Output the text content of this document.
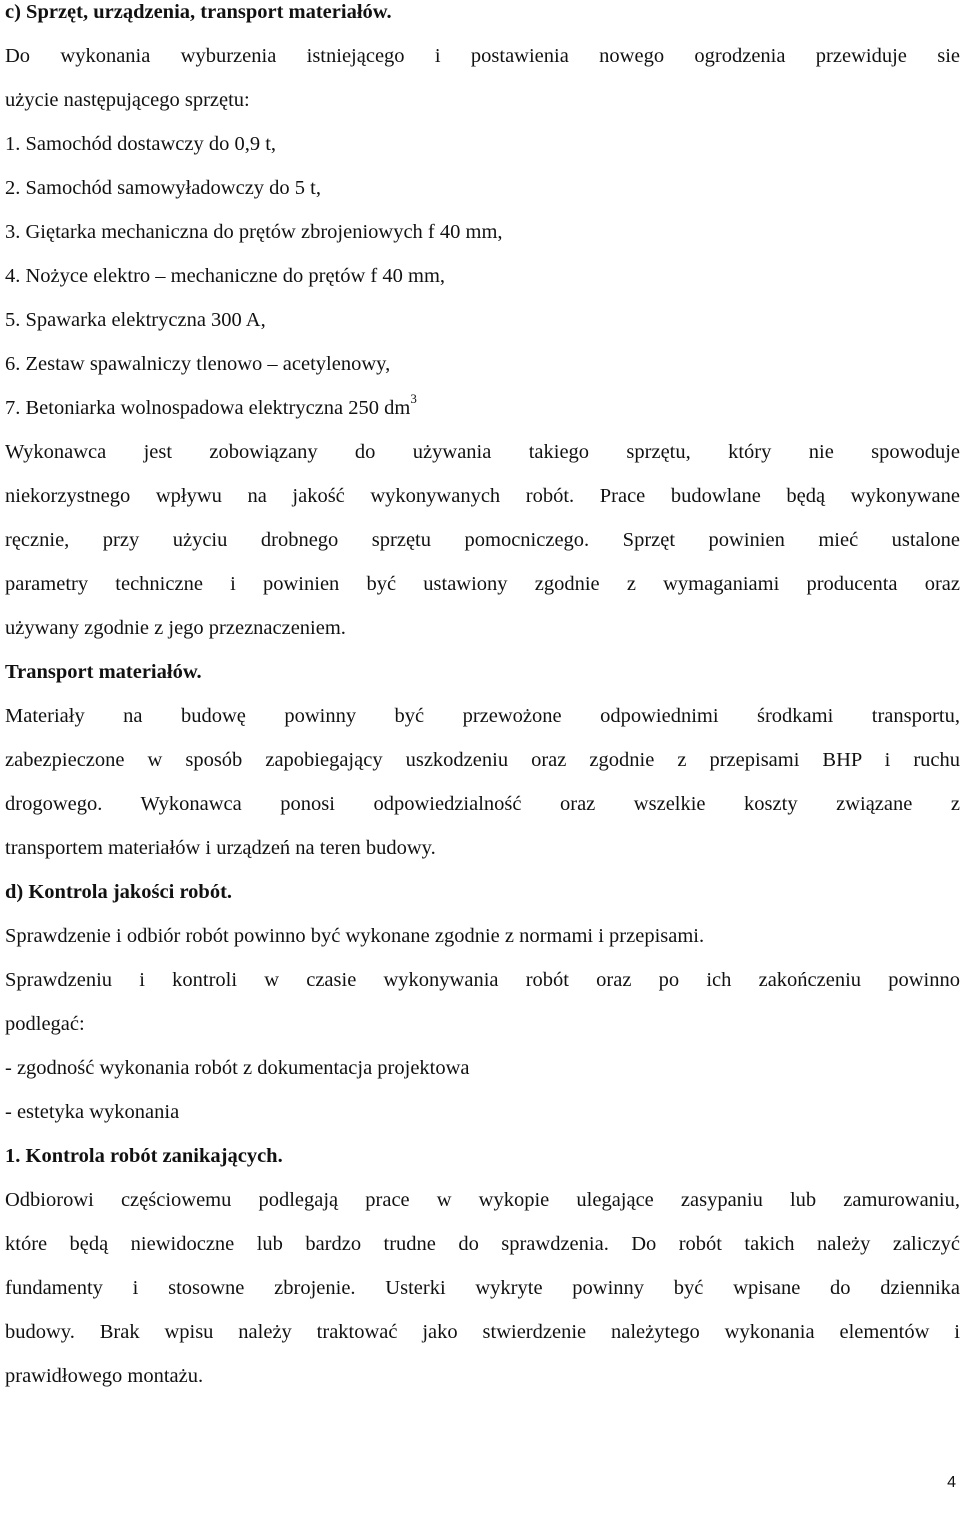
c) Sprzęt, urządzenia, transport materiałów.
Do wykonania wyburzenia istniejącego i postawienia nowego ogrodzenia przewiduje sie
użycie następującego sprzętu:
1. Samochód dostawczy do 0,9 t,
2. Samochód samowyładowczy do 5 t,
3. Giętarka mechaniczna do prętów zbrojeniowych f 40 mm,
4. Nożyce elektro – mechaniczne do prętów f 40 mm,
5. Spawarka elektryczna 300 A,
6. Zestaw spawalniczy tlenowo – acetylenowy,
7. Betoniarka wolnospadowa elektryczna 250 $dm^3$
Wykonawca jest zobowiązany do używania takiego sprzętu, który nie spowoduje
niekorzystnego wpływu na jakość wykonywanych robót. Prace budowlane będą wykonywane
ręcznie, przy użyciu drobnego sprzętu pomocniczego. Sprzęt powinien mieć ustalone
parametry techniczne i powinien być ustawiony zgodnie z wymaganiami producenta oraz
używany zgodnie z jego przeznaczeniem.
Transport materiałów.
Materiały na budowę powinny być przewożone odpowiednimi środkami transportu,
zabezpieczone w sposób zapobiegający uszkodzeniu oraz zgodnie z przepisami BHP i ruchu
drogowego. Wykonawca ponosi odpowiedzialność oraz wszelkie koszty związane z
transportem materiałów i urządzeń na teren budowy.
d) Kontrola jakości robót.
Sprawdzenie i odbiór robót powinno być wykonane zgodnie z normami i przepisami.
Sprawdzeniu i kontroli w czasie wykonywania robót oraz po ich zakończeniu powinno
podlegać:
- zgodność wykonania robót z dokumentacja projektowa
- estetyka wykonania
1. Kontrola robót zanikających.
Odbiorowi częściowemu podlegają prace w wykopie ulegające zasypaniu lub zamurowaniu,
które będą niewidoczne lub bardzo trudne do sprawdzenia. Do robót takich należy zaliczyć
fundamenty i stosowne zbrojenie. Usterki wykryte powinny być wpisane do dziennika
budowy. Brak wpisu należy traktować jako stwierdzenie należytego wykonania elementów i
prawidłowego montażu.
4
